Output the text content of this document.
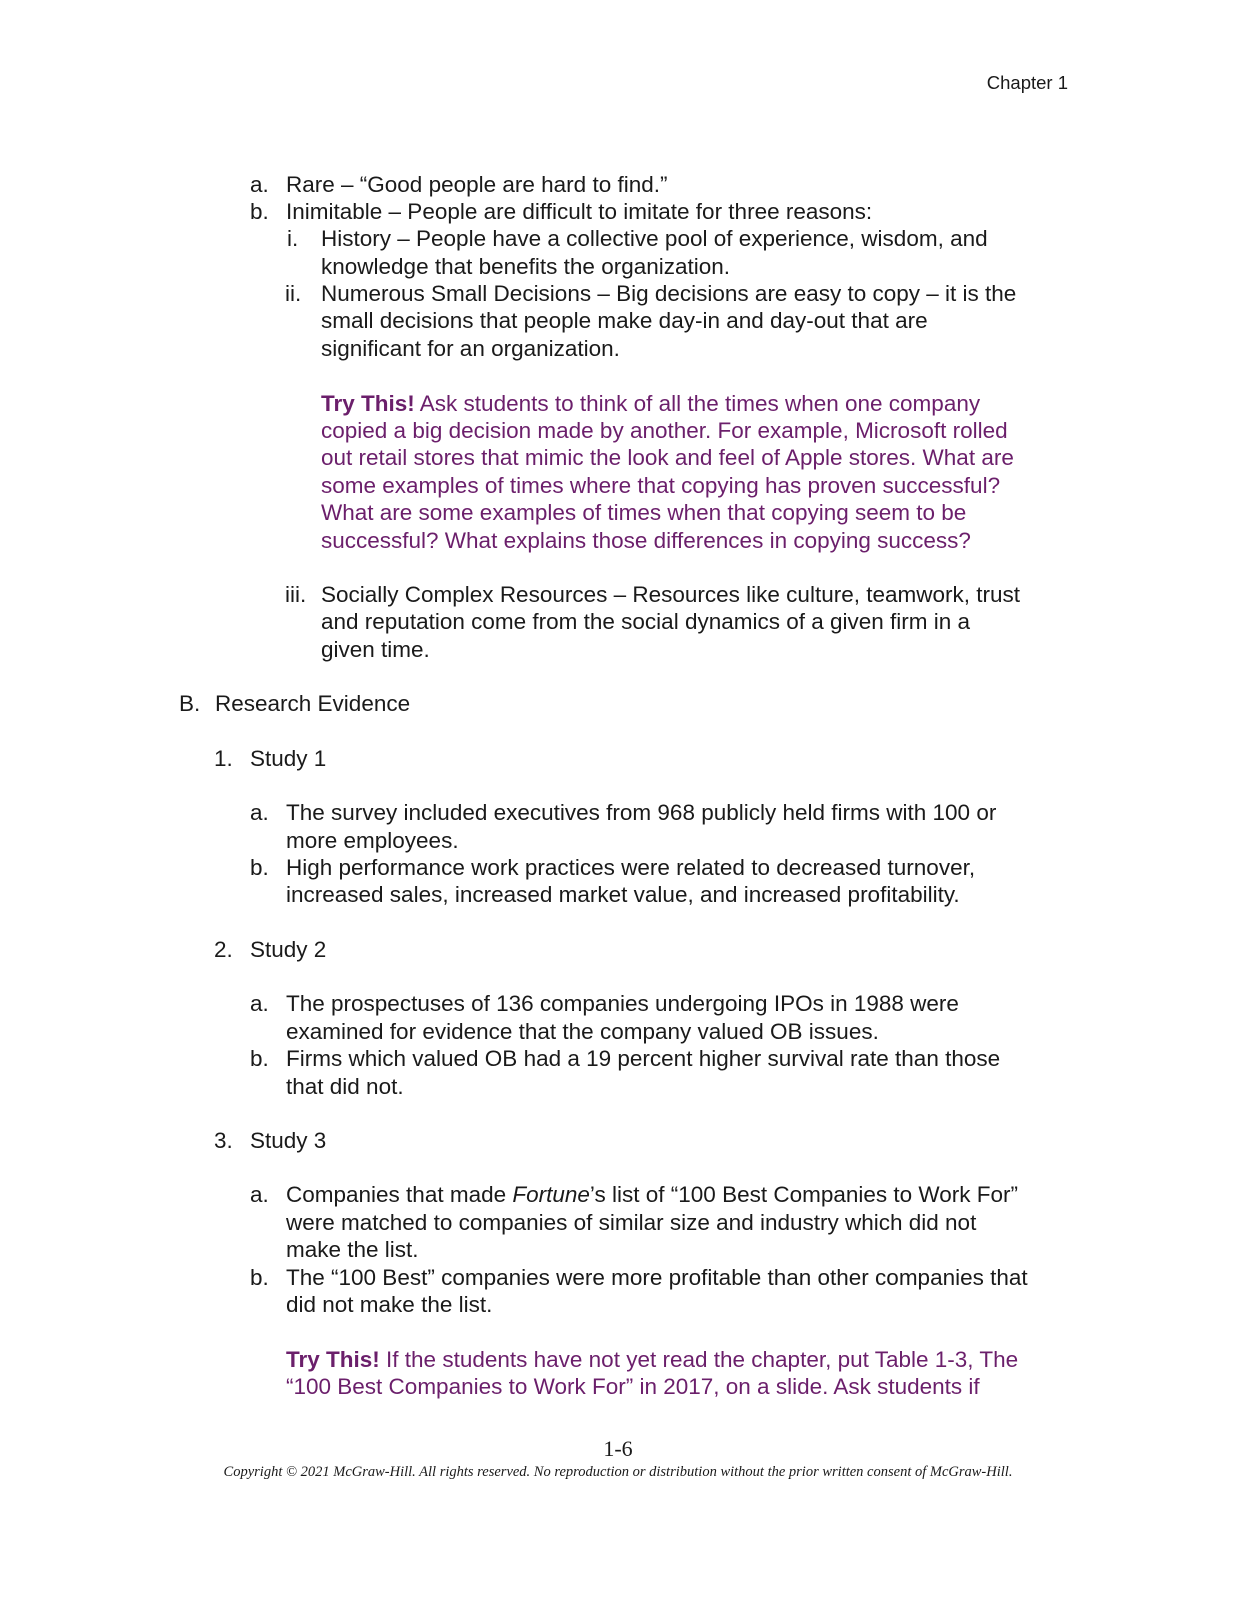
Chapter 1
a. Rare – “Good people are hard to find.”
b. Inimitable – People are difficult to imitate for three reasons:
i. History – People have a collective pool of experience, wisdom, and
knowledge that benefits the organization.
ii. Numerous Small Decisions – Big decisions are easy to copy – it is the
small decisions that people make day-in and day-out that are
significant for an organization.
Try This! Ask students to think of all the times when one company
copied a big decision made by another. For example, Microsoft rolled
out retail stores that mimic the look and feel of Apple stores. What are
some examples of times where that copying has proven successful?
What are some examples of times when that copying seem to be
successful? What explains those differences in copying success?
iii. Socially Complex Resources – Resources like culture, teamwork, trust
and reputation come from the social dynamics of a given firm in a
given time.
B. Research Evidence
1. Study 1
a. The survey included executives from 968 publicly held firms with 100 or
more employees.
b. High performance work practices were related to decreased turnover,
increased sales, increased market value, and increased profitability.
2. Study 2
a. The prospectuses of 136 companies undergoing IPOs in 1988 were
examined for evidence that the company valued OB issues.
b. Firms which valued OB had a 19 percent higher survival rate than those
that did not.
3. Study 3
a. Companies that made Fortune’s list of “100 Best Companies to Work For”
were matched to companies of similar size and industry which did not
make the list.
b. The “100 Best” companies were more profitable than other companies that
did not make the list.
Try This! If the students have not yet read the chapter, put Table 1-3, The
“100 Best Companies to Work For” in 2017, on a slide. Ask students if
1-6
Copyright © 2021 McGraw-Hill. All rights reserved. No reproduction or distribution without the prior written consent of McGraw-Hill.
